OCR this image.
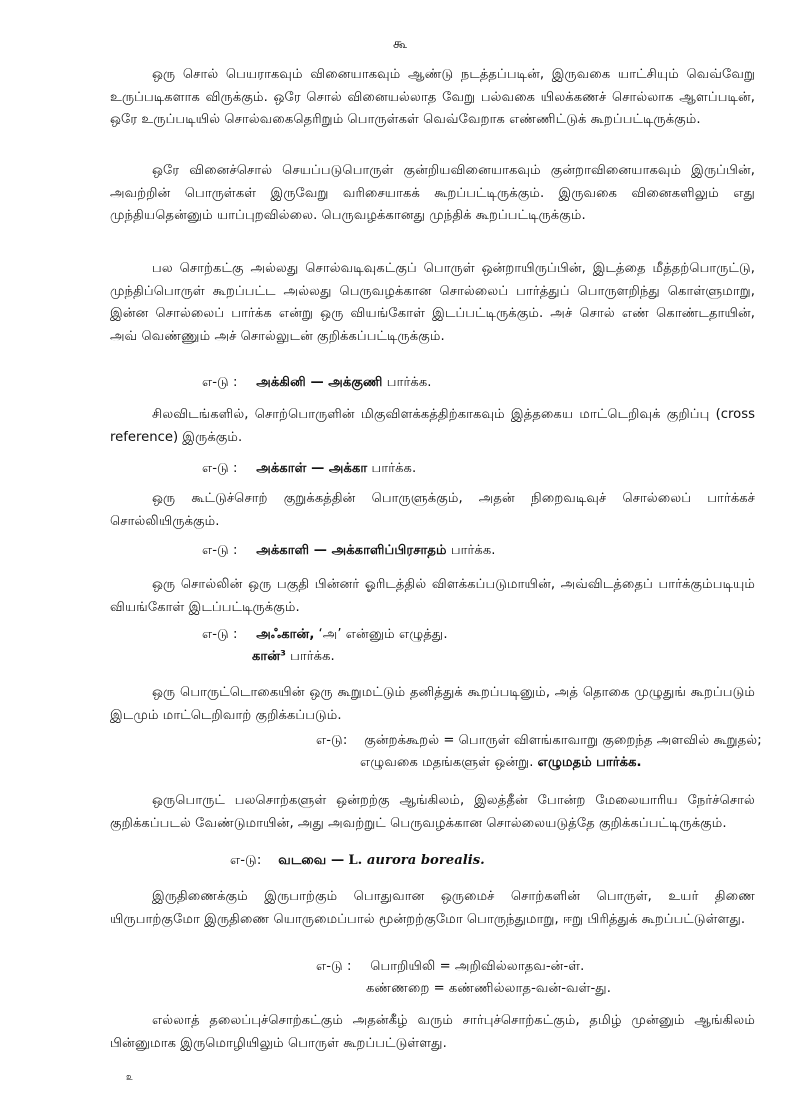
கூ

ஒரு சொல் பெயராகவும் வினையாகவும் ஆண்டு நடத்தப்படின், இருவகை யாட்சியும் வெவ்வேறு உருப்படிகளாக விருக்கும். ஒரே சொல் வினையல்லாத வேறு பல்வகை யிலக்கணச் சொல்லாக ஆளப்படின், ஒரே உருப்படியில் சொல்வகைதெரிறும் பொருள்கள் வெவ்வேறாக எண்ணிட்டுக் கூறப்பட்டிருக்கும்.

ஒரே வினைச்சொல் செயப்படுபொருள் குன்றியவினையாகவும் குன்றாவினையாகவும் இருப்பின், அவற்றின் பொருள்கள் இருவேறு வரிசையாகக் கூறப்பட்டிருக்கும். இருவகை வினைகளிலும் எது முந்தியதென்னும் யாப்புறவில்லை. பெருவழக்கானது முந்திக் கூறப்பட்டிருக்கும்.

பல சொற்கட்கு அல்லது சொல்வடிவுகட்குப் பொருள் ஒன்றாயிருப்பின், இடத்தை மீத்தற்பொருட்டு, முந்திப்பொருள் கூறப்பட்ட அல்லது பெருவழக்கான சொல்லைப் பார்த்துப் பொருளறிந்து கொள்ளுமாறு, இன்ன சொல்லைப் பார்க்க என்று ஒரு வியங்கோள் இடப்பட்டிருக்கும். அச் சொல் எண் கொண்டதாயின், அவ் வெண்ணும் அச் சொல்லுடன் குறிக்கப்பட்டிருக்கும்.

எ-டு : அக்கினி — அக்குணி பார்க்க.

சிலவிடங்களில், சொற்பொருளின் மிகுவிளக்கத்திற்காகவும் இத்தகைய மாட்டெறிவுக் குறிப்பு (cross reference) இருக்கும்.

எ-டு : அக்காள் — அக்கா பார்க்க.

ஒரு கூட்டுச்சொற் குறுக்கத்தின் பொருளுக்கும், அதன் நிறைவடிவுச் சொல்லைப் பார்க்கச் சொல்லியிருக்கும்.

எ-டு : அக்காளி — அக்காளிப்பிரசாதம் பார்க்க.

ஒரு சொல்லின் ஒரு பகுதி பின்னர் ஓரிடத்தில் விளக்கப்படுமாயின், அவ்விடத்தைப் பார்க்கும்படியும் வியங்கோள் இடப்பட்டிருக்கும்.

எ-டு : அஃகான், ‘அ’ என்னும் எழுத்து.
கான்³ பார்க்க.

ஒரு பொருட்டொகையின் ஒரு கூறுமட்டும் தனித்துக் கூறப்படினும், அத் தொகை முழுதுங் கூறப்படும் இடமும் மாட்டெறிவாற் குறிக்கப்படும்.

எ-டு: குன்றக்கூறல் = பொருள் விளங்காவாறு குறைந்த அளவில் கூறுதல்;
எழுவகை மதங்களுள் ஒன்று. எழுமதம் பார்க்க.

ஒருபொருட் பலசொற்களுள் ஒன்றற்கு ஆங்கிலம், இலத்தீன் போன்ற மேலையாரிய நேர்ச்சொல் குறிக்கப்படல் வேண்டுமாயின், அது அவற்றுட் பெருவழக்கான சொல்லையடுத்தே குறிக்கப்பட்டிருக்கும்.

எ-டு: வடவை — L. aurora borealis.

இருதிணைக்கும் இருபாற்கும் பொதுவான ஒருமைச் சொற்களின் பொருள், உயர் திணை யிருபாற்குமோ இருதிணை யொருமைப்பால் மூன்றற்குமோ பொருந்துமாறு, ஈறு பிரித்துக் கூறப்பட்டுள்ளது.

எ-டு : பொறியிலி = அறிவில்லாதவ-ன்-ள்.
கண்ணறை = கண்ணில்லாத-வன்-வள்-து.

எல்லாத் தலைப்புச்சொற்கட்கும் அதன்கீழ் வரும் சார்புச்சொற்கட்கும், தமிழ் முன்னும் ஆங்கிலம் பின்னுமாக இருமொழியிலும் பொருள் கூறப்பட்டுள்ளது.

௨
